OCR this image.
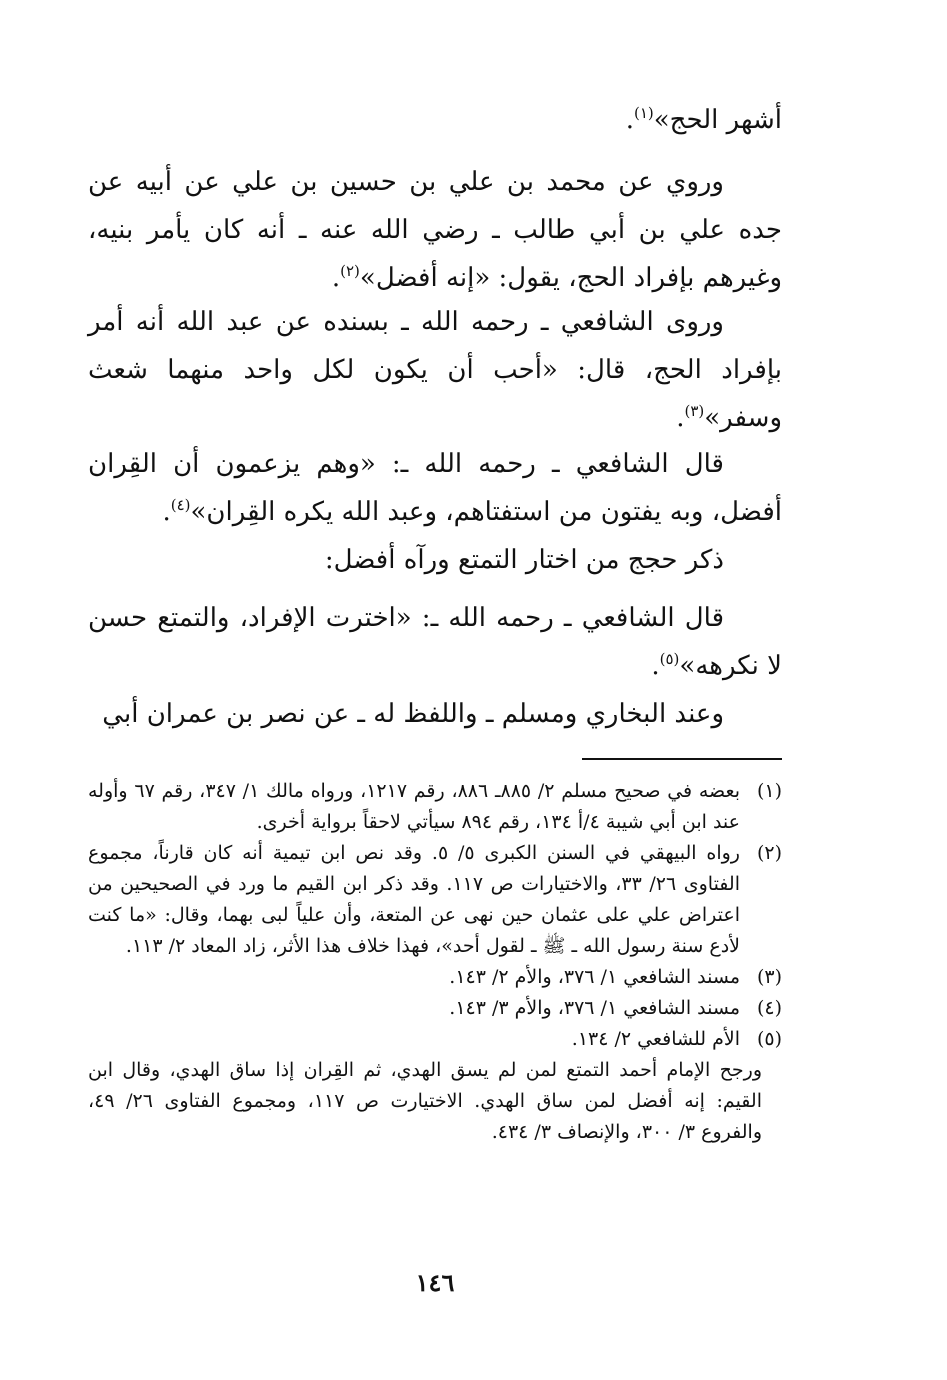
أشهر الحج»$^{(١)}$.

وروي عن محمد بن علي بن حسين بن علي عن أبيه عن جده علي بن أبي طالب ـ رضي الله عنه ـ أنه كان يأمر بنيه، وغيرهم بإفراد الحج، يقول: «إنه أفضل»$^{(٢)}$.

وروى الشافعي ـ رحمه الله ـ بسنده عن عبد الله أنه أمر بإفراد الحج، قال: «أحب أن يكون لكل واحد منهما شعث وسفر»$^{(٣)}$.

قال الشافعي ـ رحمه الله ـ: «وهم يزعمون أن القِران أفضل، وبه يفتون من استفتاهم، وعبد الله يكره القِران»$^{(٤)}$.

ذكر حجج من اختار التمتع ورآه أفضل:

قال الشافعي ـ رحمه الله ـ: «اخترت الإفراد، والتمتع حسن لا نكرهه»$^{(٥)}$.

وعند البخاري ومسلم ـ واللفظ له ـ عن نصر بن عمران أبي

(١)
بعضه في صحيح مسلم ٢/ ٨٨٥ـ ٨٨٦، رقم ١٢١٧، ورواه مالك ١/ ٣٤٧، رقم ٦٧ وأوله عند ابن أبي شيبة ٤/أ ١٣٤، رقم ٨٩٤ سيأتي لاحقاً برواية أخرى.
(٢)
رواه البيهقي في السنن الكبرى ٥/ ٥. وقد نص ابن تيمية أنه كان قارناً، مجموع الفتاوى ٢٦/ ٣٣، والاختيارات ص ١١٧. وقد ذكر ابن القيم ما ورد في الصحيحين من اعتراض علي على عثمان حين نهى عن المتعة، وأن علياً لبى بهما، وقال: «ما كنت لأدع سنة رسول الله ـ ﷺ ـ لقول أحد»، فهذا خلاف هذا الأثر، زاد المعاد ٢/ ١١٣.
(٣)
مسند الشافعي ١/ ٣٧٦، والأم ٢/ ١٤٣.
(٤)
مسند الشافعي ١/ ٣٧٦، والأم ٣/ ١٤٣.
(٥)
الأم للشافعي ٢/ ١٣٤.

ورجح الإمام أحمد التمتع لمن لم يسق الهدي، ثم القِران إذا ساق الهدي، وقال ابن القيم: إنه أفضل لمن ساق الهدي. الاختيارت ص ١١٧، ومجموع الفتاوى ٢٦/ ٤٩، والفروع ٣/ ٣٠٠، والإنصاف ٣/ ٤٣٤.

١٤٦
